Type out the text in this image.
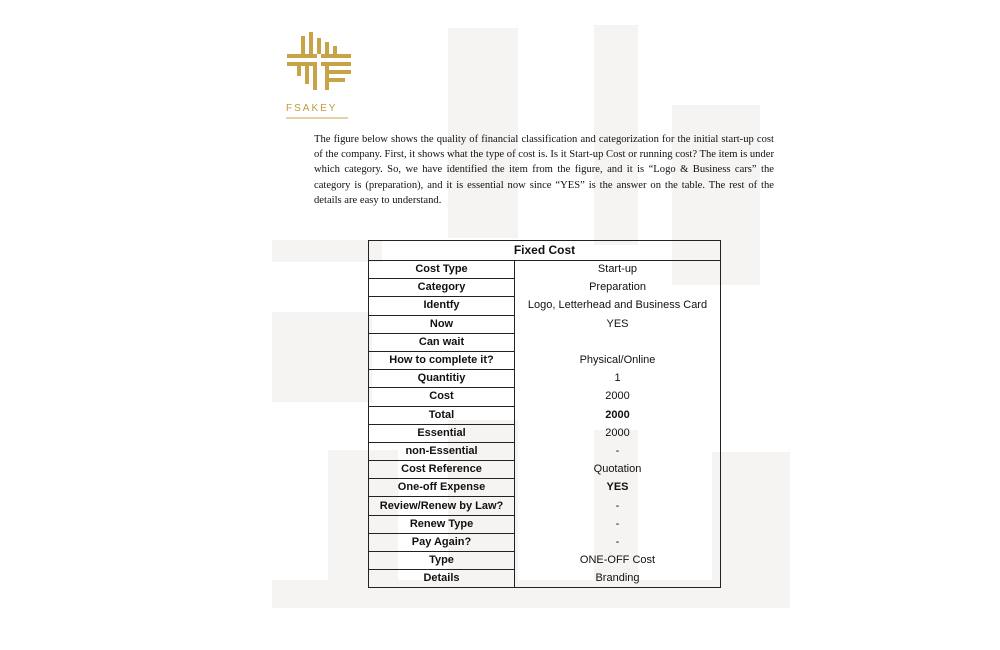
FSAKEY

The figure below shows the quality of financial classification and categorization for the initial start-up cost of the company. First, it shows what the type of cost is. Is it Start-up Cost or running cost? The item is under which category. So, we have identified the item from the figure, and it is “Logo & Business cars” the category is (preparation), and it is essential now since “YES” is the answer on the table. The rest of the details are easy to understand.

Fixed Cost	
Cost Type	Start-up
Category	Preparation
Identfy	Logo, Letterhead and Business Card
Now	YES
Can wait	
How to complete it?	Physical/Online
Quantitiy	1
Cost	2000
Total	2000
Essential	2000
non-Essential	-
Cost Reference	Quotation
One-off Expense	YES
Review/Renew by Law?	-
Renew Type	-
Pay Again?	-
Type	ONE-OFF Cost
Details	Branding
